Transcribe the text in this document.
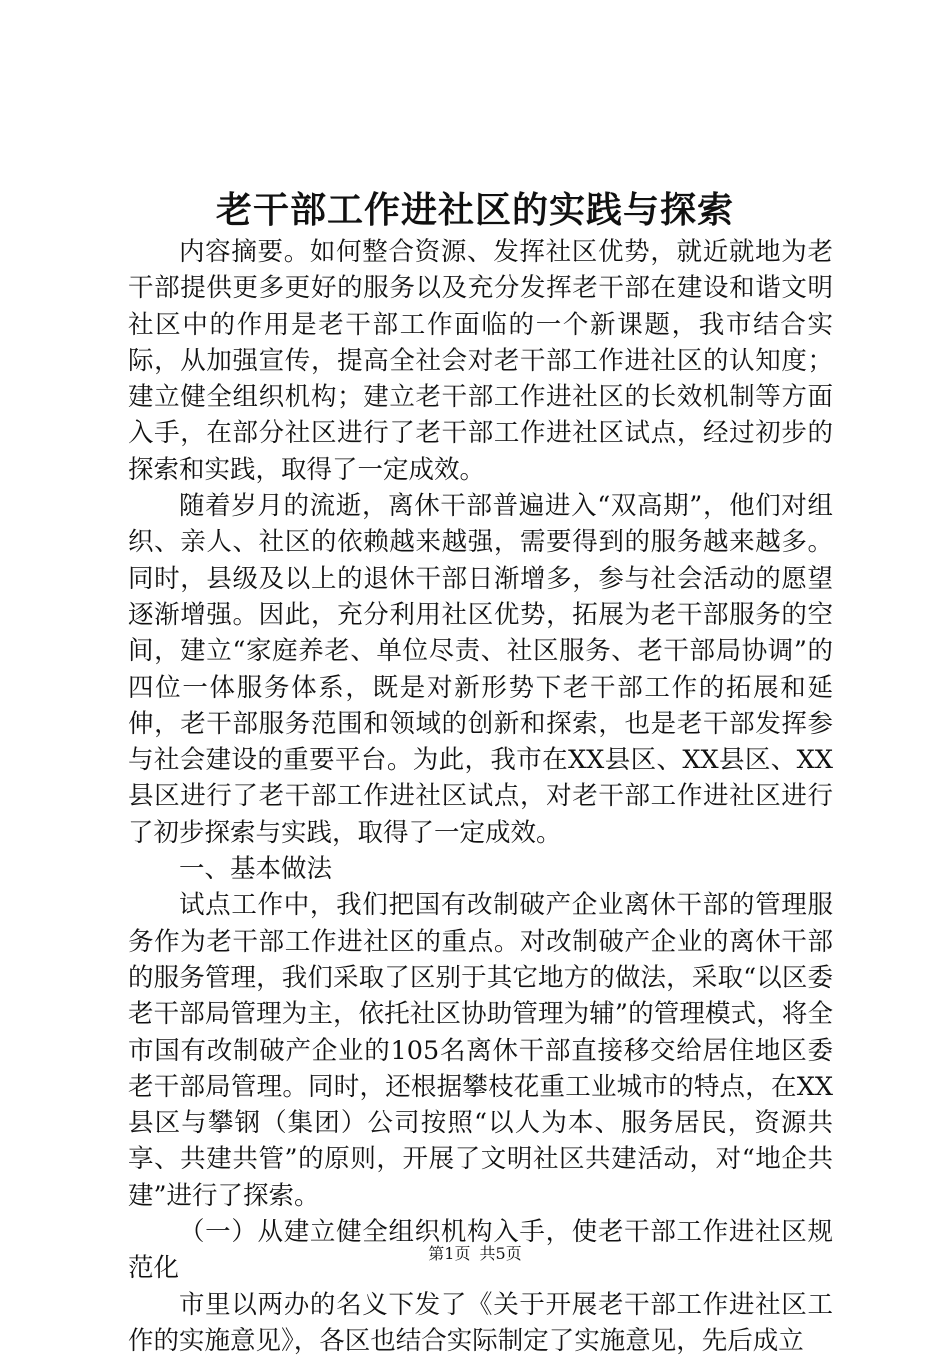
老干部工作进社区的实践与探索

内容摘要。如何整合资源、发挥社区优势，就近就地为老干部提供更多更好的服务以及充分发挥老干部在建设和谐文明社区中的作用是老干部工作面临的一个新课题，我市结合实际，从加强宣传，提高全社会对老干部工作进社区的认知度；建立健全组织机构；建立老干部工作进社区的长效机制等方面入手，在部分社区进行了老干部工作进社区试点，经过初步的探索和实践，取得了一定成效。

随着岁月的流逝，离休干部普遍进入“双高期”，他们对组织、亲人、社区的依赖越来越强，需要得到的服务越来越多。同时，县级及以上的退休干部日渐增多，参与社会活动的愿望逐渐增强。因此，充分利用社区优势，拓展为老干部服务的空间，建立“家庭养老、单位尽责、社区服务、老干部局协调”的四位一体服务体系，既是对新形势下老干部工作的拓展和延伸，老干部服务范围和领域的创新和探索，也是老干部发挥参与社会建设的重要平台。为此，我市在XX县区、XX县区、XX县区进行了老干部工作进社区试点，对老干部工作进社区进行了初步探索与实践，取得了一定成效。

一、基本做法

试点工作中，我们把国有改制破产企业离休干部的管理服务作为老干部工作进社区的重点。对改制破产企业的离休干部的服务管理，我们采取了区别于其它地方的做法，采取“以区委老干部局管理为主，依托社区协助管理为辅”的管理模式，将全市国有改制破产企业的105名离休干部直接移交给居住地区委老干部局管理。同时，还根据攀枝花重工业城市的特点，在XX县区与攀钢（集团）公司按照“以人为本、服务居民，资源共享、共建共管”的原则，开展了文明社区共建活动，对“地企共建”进行了探索。

（一）从建立健全组织机构入手，使老干部工作进社区规范化

市里以两办的名义下发了《关于开展老干部工作进社区工作的实施意见》，各区也结合实际制定了实施意见，先后成立

第1页 共5页
